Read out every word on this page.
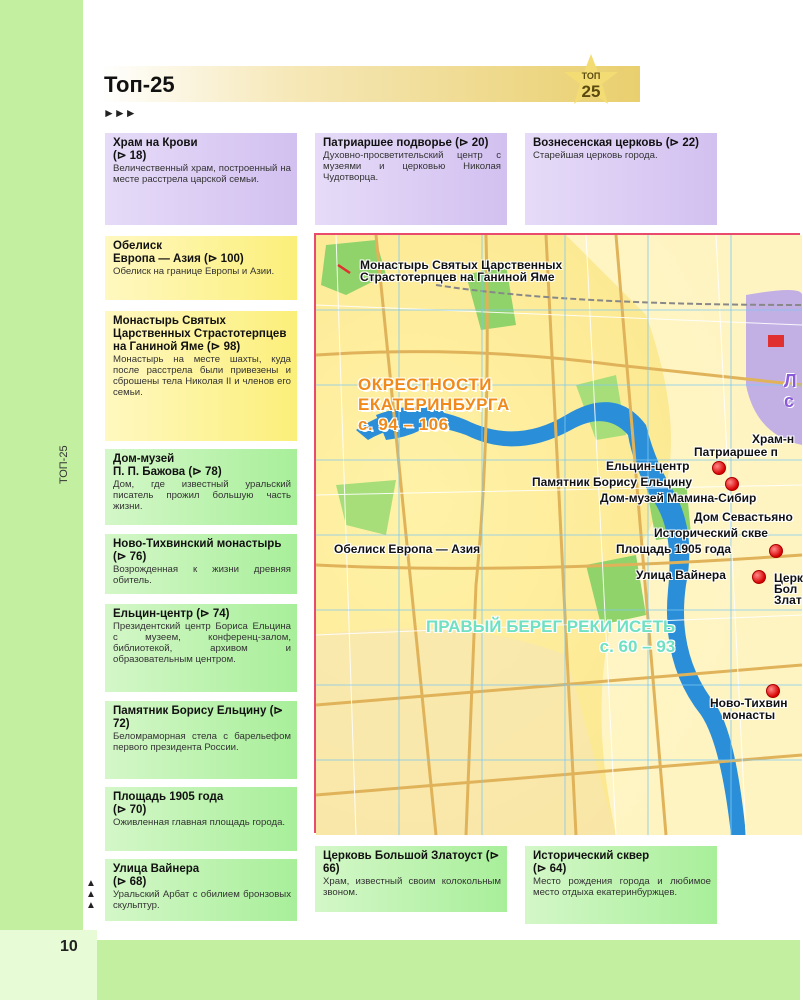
ТОП-25
10
▲
▲
▲
Топ-25	ТОП
25
►►►
Храм на Крови
(⊳ 18)
Величественный храм, построенный на месте расстрела царской семьи.
Патриаршее подворье (⊳ 20)
Духовно-просветительский центр с музеями и церковью Николая Чудотворца.
Вознесенская церковь (⊳ 22)
Старейшая церковь города.
Обелиск
Европа — Азия (⊳ 100)
Обелиск на границе Европы и Азии.
Монастырь Святых Царственных Страстотерпцев на Ганиной Яме (⊳ 98)
Монастырь на месте шахты, куда после расстрела были привезены и сброшены тела Николая II и членов его семьи.
Дом-музей
П. П. Бажова (⊳ 78)
Дом, где известный уральский писатель прожил большую часть жизни.
Ново-Тихвинский монастырь (⊳ 76)
Возрожденная к жизни древняя обитель.
Ельцин-центр (⊳ 74)
Президентский центр Бориса Ельцина с музеем, конференц-залом, библиотекой, архивом и образовательным центром.
Памятник Борису Ельцину (⊳ 72)
Беломраморная стела с барельефом первого президента России.
Площадь 1905 года
(⊳ 70)
Оживленная главная площадь города.
Улица Вайнера
(⊳ 68)
Уральский Арбат с обилием бронзовых скульптур.
Церковь Большой Златоуст (⊳ 66)
Храм, известный своим колокольным звоном.
Исторический сквер
(⊳ 64)
Место рождения города и любимое место отдыха екатеринбуржцев.
Монастырь Святых Царственных
Страстотерпцев на Ганиной Яме
ОКРЕСТНОСТИ
ЕКАТЕРИНБУРГА
с. 94 – 106
Л
с
Храм-н
Патриаршее п
Ельцин-центр
Памятник Борису Ельцину
Дом-музей Мамина-Сибир
Дом Севастьяно
Исторический скве
Обелиск Европа — Азия	Площадь 1905 года
Улица Вайнера	Церк
Бол
Злат
ПРАВЫЙ БЕРЕГ РЕКИ ИСЕТЬ
с. 60 – 93
Ново-Тихвин
монасты
